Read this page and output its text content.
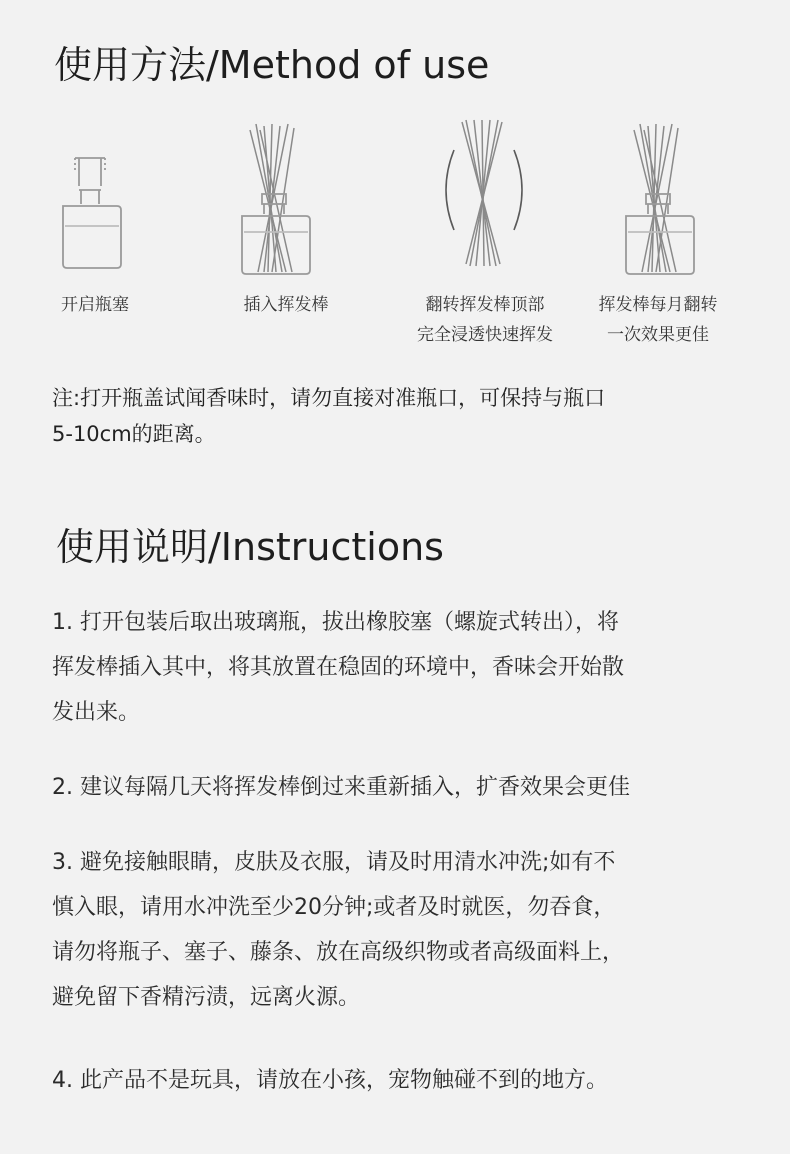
使用方法/Method of use
开启瓶塞	插入挥发棒	翻转挥发棒顶部
完全浸透快速挥发
挥发棒每月翻转
一次效果更佳
注:打开瓶盖试闻香味时，请勿直接对准瓶口，可保持与瓶口
5-10cm的距离。
使用说明/Instructions
1. 打开包装后取出玻璃瓶，拔出橡胶塞（螺旋式转出），将
挥发棒插入其中，将其放置在稳固的环境中，香味会开始散
发出来。
2. 建议每隔几天将挥发棒倒过来重新插入，扩香效果会更佳
3. 避免接触眼睛，皮肤及衣服，请及时用清水冲洗;如有不
慎入眼，请用水冲洗至少20分钟;或者及时就医，勿吞食，
请勿将瓶子、塞子、藤条、放在高级织物或者高级面料上，
避免留下香精污渍，远离火源。
4. 此产品不是玩具，请放在小孩，宠物触碰不到的地方。
